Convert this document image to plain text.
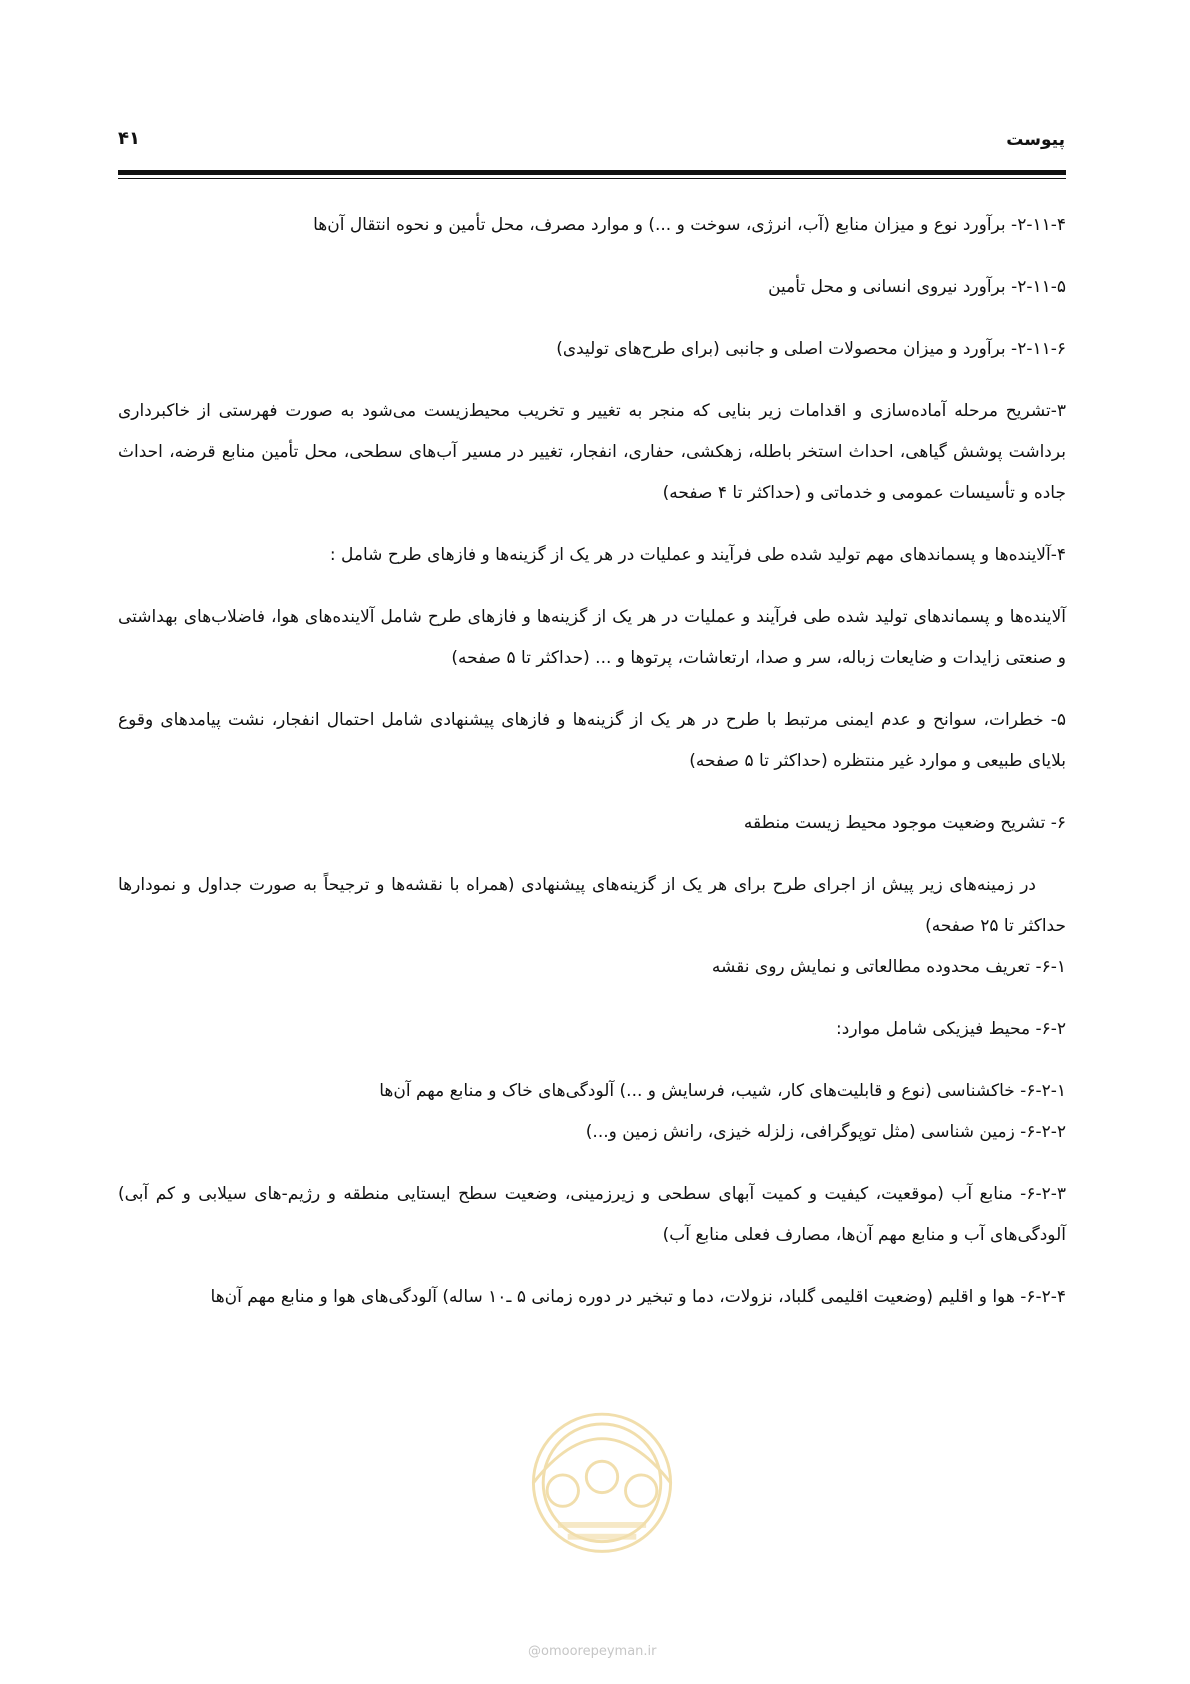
پیوست
۴۱

۲-۱۱-۴- برآورد نوع و میزان منابع (آب، انرژی، سوخت و ...) و موارد مصرف، محل تأمین و نحوه انتقال آن‌ها

۲-۱۱-۵- برآورد نیروی انسانی و محل تأمین

۲-۱۱-۶- برآورد و میزان محصولات اصلی و جانبی (برای طرح‌های تولیدی)

۳-تشریح مرحله آماده‌سازی و اقدامات زیر بنایی که منجر به تغییر و تخریب محیط‌زیست می‌شود به صورت فهرستی از خاکبرداری برداشت پوشش گیاهی، احداث استخر باطله، زهکشی، حفاری، انفجار، تغییر در مسیر آب‌های سطحی، محل تأمین منابع قرضه، احداث جاده و تأسیسات عمومی و خدماتی و (حداکثر تا ۴ صفحه)

۴-آلاینده‌ها و پسماندهای مهم تولید شده طی فرآیند و عملیات در هر یک از گزینه‌ها و فازهای طرح شامل :

آلاینده‌ها و پسماندهای تولید شده طی فرآیند و عملیات در هر یک از گزینه‌ها و فازهای طرح شامل آلاینده‌های هوا، فاضلاب‌های بهداشتی و صنعتی زایدات و ضایعات زباله، سر و صدا، ارتعاشات، پرتوها و ... (حداکثر تا ۵ صفحه)

۵- خطرات، سوانح و عدم ایمنی مرتبط با طرح در هر یک از گزینه‌ها و فازهای پیشنهادی شامل احتمال انفجار، نشت پیامدهای وقوع بلایای طبیعی و موارد غیر منتظره (حداکثر تا ۵ صفحه)

۶- تشریح وضعیت موجود محیط زیست منطقه

در زمینه‌های زیر پیش از اجرای طرح برای هر یک از گزینه‌های پیشنهادی (همراه با نقشه‌ها و ترجیحاً به صورت جداول و نمودارها حداکثر تا ۲۵ صفحه)

۶-۱- تعریف محدوده مطالعاتی و نمایش روی نقشه

۶-۲- محیط فیزیکی شامل موارد:

۶-۲-۱- خاکشناسی (نوع و قابلیت‌های کار، شیب، فرسایش و ...) آلودگی‌های خاک و منابع مهم آن‌ها

۶-۲-۲- زمین شناسی (مثل توپوگرافی، زلزله خیزی، رانش زمین و...)

۶-۲-۳- منابع آب (موقعیت، کیفیت و کمیت آبهای سطحی و زیرزمینی، وضعیت سطح ایستایی منطقه و رژیم-های سیلابی و کم آبی) آلودگی‌های آب و منابع مهم آن‌ها، مصارف فعلی منابع آب)

۶-۲-۴- هوا و اقلیم (وضعیت اقلیمی گلباد، نزولات، دما و تبخیر در دوره زمانی ۵ ـ۱۰ ساله) آلودگی‌های هوا و منابع مهم آن‌ها

@omoorepeyman.ir
